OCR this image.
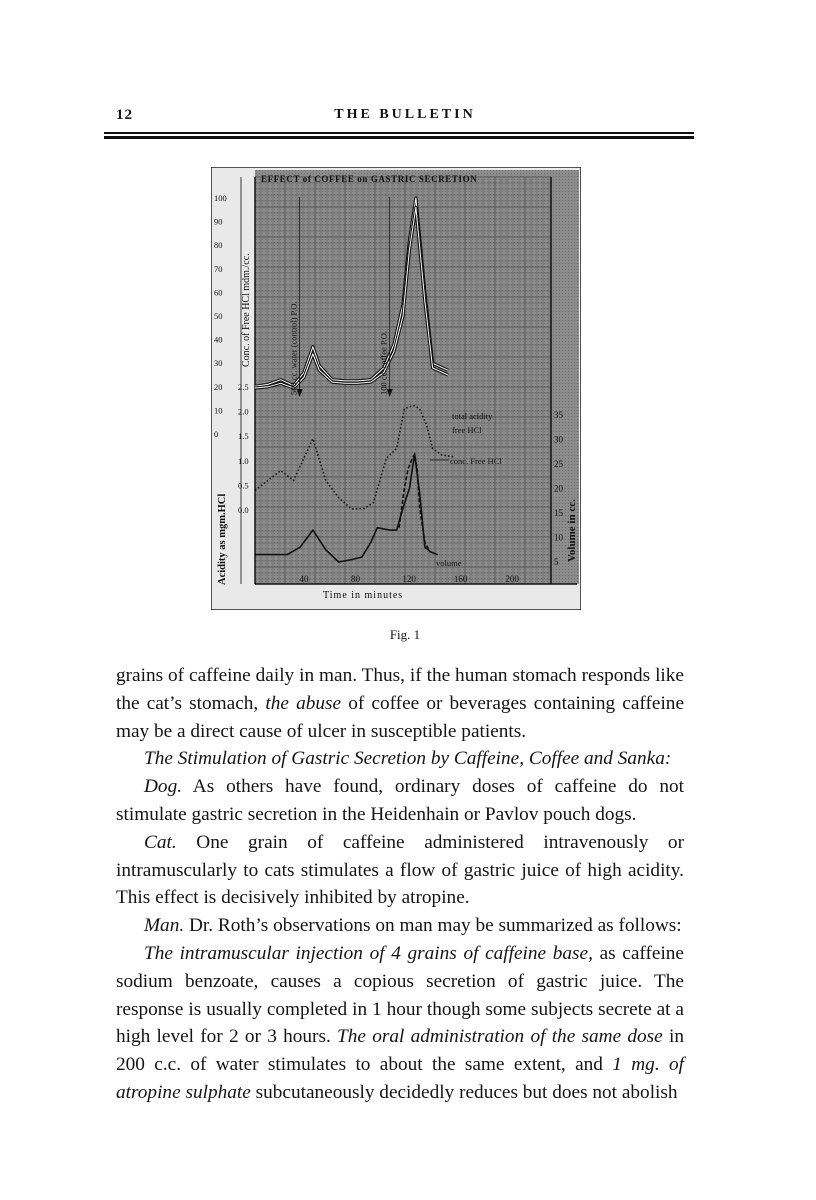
12	THE BULLETIN
EFFECT of COFFEE on GASTRIC SECRETION
100
90
80
70
60
50
40
30
20
10
0
2.5
2.0
1.5
1.0
0.5
0.0
35
30
25
20
15
10
5
40	80	120	160	200
Time in minutes
Acidity as mgm.HCl
Conc. of Free HCl mdm./cc.
Volume in cc.
500 cc. water (control) P.O.	100 cc. coffee P.O.
total acidity
free HCl
conc. Free HCl
volume
Fig. 1

grains of caffeine daily in man. Thus, if the human stomach responds like the cat’s stomach, the abuse of coffee or beverages containing caffeine may be a direct cause of ulcer in susceptible patients.

The Stimulation of Gastric Secretion by Caffeine, Coffee and Sanka:

Dog. As others have found, ordinary doses of caffeine do not stimulate gastric secretion in the Heidenhain or Pavlov pouch dogs.

Cat. One grain of caffeine administered intravenously or intramuscularly to cats stimulates a flow of gastric juice of high acidity. This effect is decisively inhibited by atropine.

Man. Dr. Roth’s observations on man may be summarized as follows:

The intramuscular injection of 4 grains of caffeine base, as caffeine sodium benzoate, causes a copious secretion of gastric juice. The response is usually completed in 1 hour though some subjects secrete at a high level for 2 or 3 hours. The oral administration of the same dose in 200 c.c. of water stimulates to about the same extent, and 1 mg. of atropine sulphate subcutaneously decidedly reduces but does not abolish
